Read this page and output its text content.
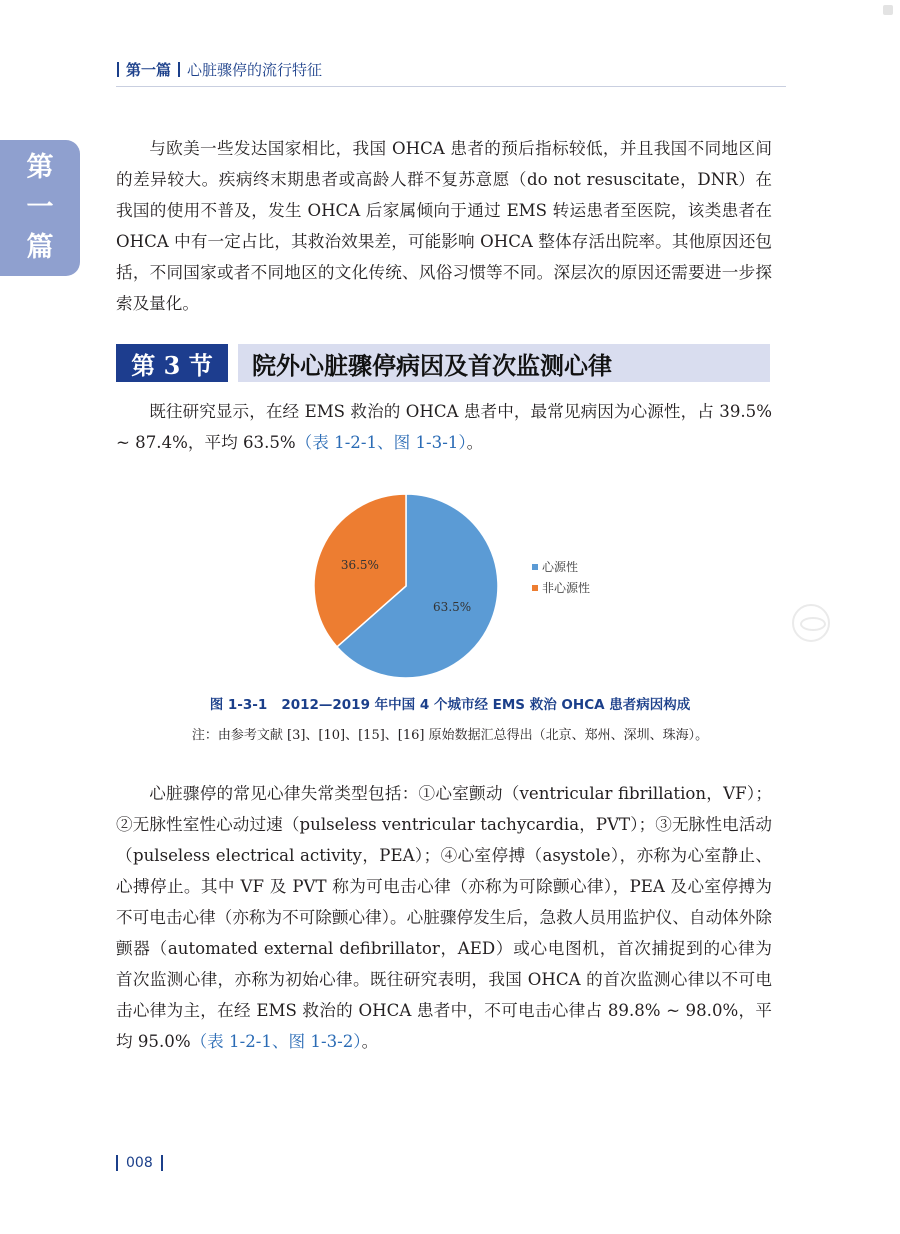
第一篇 心脏骤停的流行特征
第
一
篇

与欧美一些发达国家相比，我国 OHCA 患者的预后指标较低，并且我国不同地区间的差异较大。疾病终末期患者或高龄人群不复苏意愿（do not resuscitate，DNR）在我国的使用不普及，发生 OHCA 后家属倾向于通过 EMS 转运患者至医院，该类患者在 OHCA 中有一定占比，其救治效果差，可能影响 OHCA 整体存活出院率。其他原因还包括，不同国家或者不同地区的文化传统、风俗习惯等不同。深层次的原因还需要进一步探索及量化。

第 3 节	院外心脏骤停病因及首次监测心律

既往研究显示，在经 EMS 救治的 OHCA 患者中，最常见病因为心源性，占 39.5% ~ 87.4%，平均 63.5%（表 1-2-1、图 1-3-1）。

63.5%
36.5%	心源性
非心源性
图 1-3-1 2012—2019 年中国 4 个城市经 EMS 救治 OHCA 患者病因构成
注：由参考文献 [3]、[10]、[15]、[16] 原始数据汇总得出（北京、郑州、深圳、珠海）。

心脏骤停的常见心律失常类型包括：①心室颤动（ventricular fibrillation，VF）；②无脉性室性心动过速（pulseless ventricular tachycardia，PVT）；③无脉性电活动（pulseless electrical activity，PEA）；④心室停搏（asystole），亦称为心室静止、心搏停止。其中 VF 及 PVT 称为可电击心律（亦称为可除颤心律），PEA 及心室停搏为不可电击心律（亦称为不可除颤心律）。心脏骤停发生后，急救人员用监护仪、自动体外除颤器（automated external defibrillator，AED）或心电图机，首次捕捉到的心律为首次监测心律，亦称为初始心律。既往研究表明，我国 OHCA 的首次监测心律以不可电击心律为主，在经 EMS 救治的 OHCA 患者中，不可电击心律占 89.8% ~ 98.0%，平均 95.0%（表 1-2-1、图 1-3-2）。

008
